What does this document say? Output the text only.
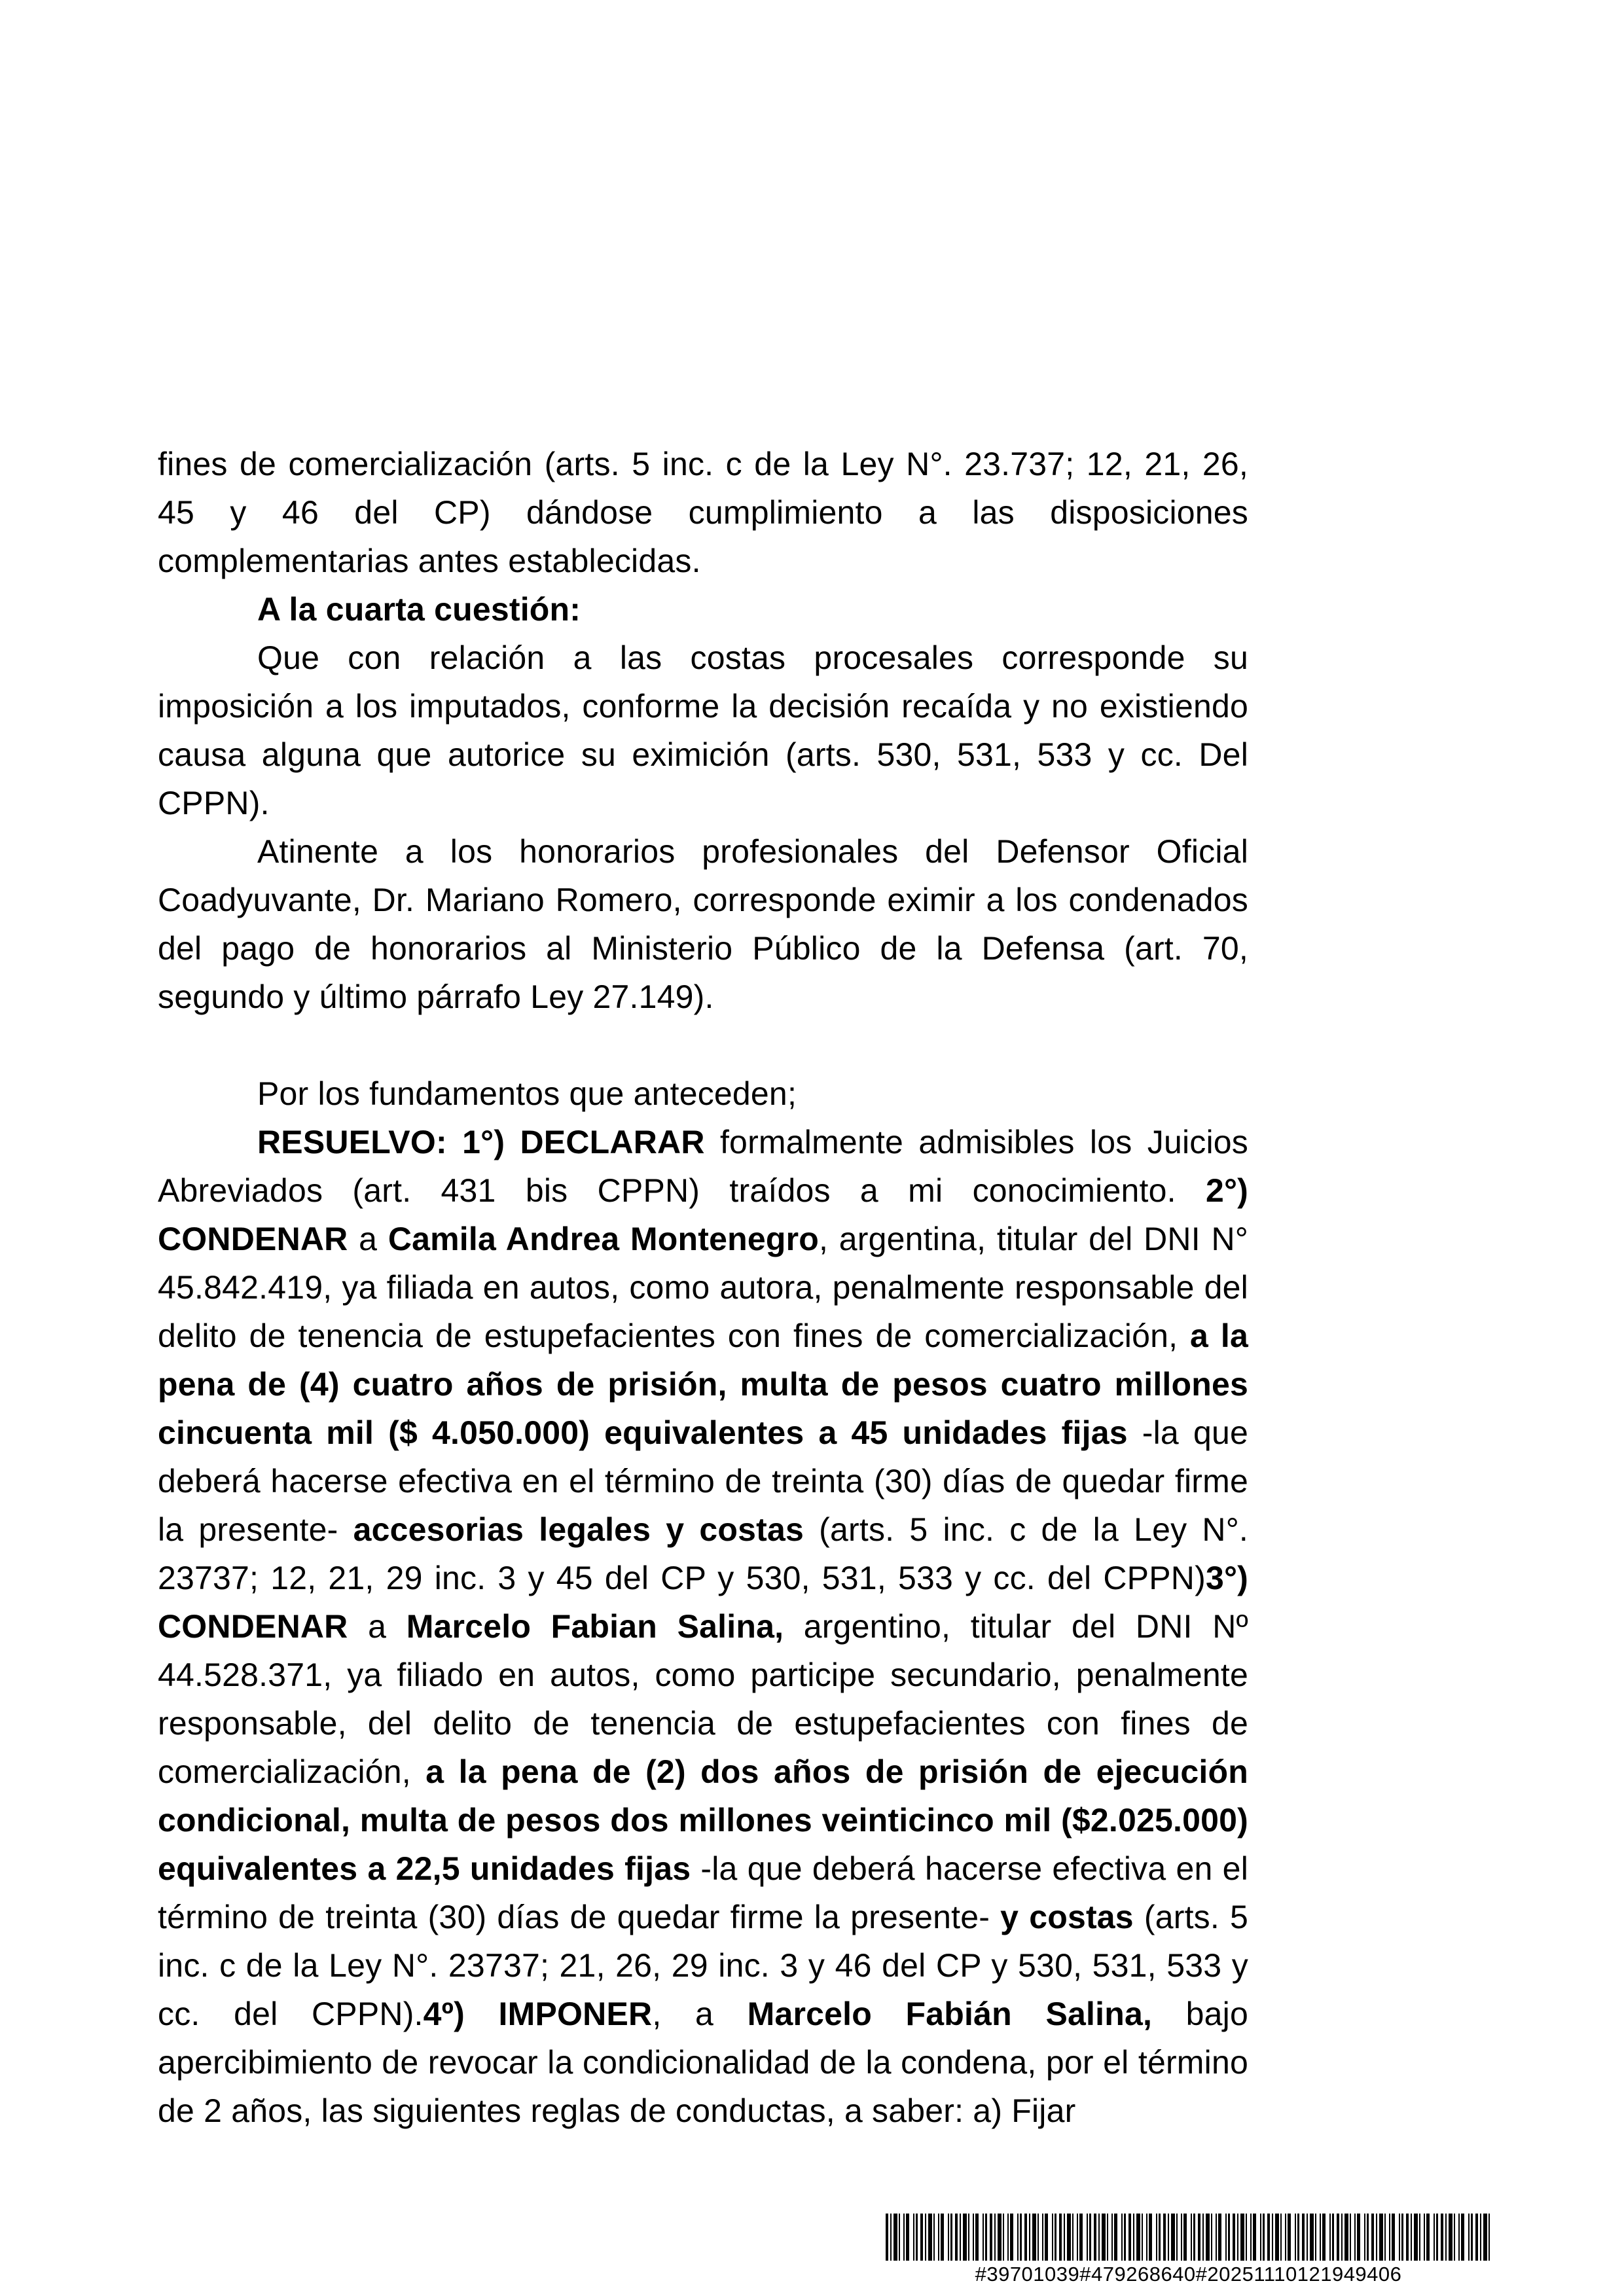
fines de comercialización (arts. 5 inc. c de la Ley N°. 23.737; 12, 21, 26, 45 y 46 del CP) dándose cumplimiento a las disposiciones complementarias antes establecidas.

A la cuarta cuestión:

Que con relación a las costas procesales corresponde su imposición a los imputados, conforme la decisión recaída y no existiendo causa alguna que autorice su eximición (arts. 530, 531, 533 y cc. Del CPPN).

Atinente a los honorarios profesionales del Defensor Oficial Coadyuvante, Dr. Mariano Romero, corresponde eximir a los condenados del pago de honorarios al Ministerio Público de la Defensa (art. 70, segundo y último párrafo Ley 27.149).

Por los fundamentos que anteceden;

RESUELVO: 1°) DECLARAR formalmente admisibles los Juicios Abreviados (art. 431 bis CPPN) traídos a mi conocimiento. 2°) CONDENAR a Camila Andrea Montenegro, argentina, titular del DNI N° 45.842.419, ya filiada en autos, como autora, penalmente responsable del delito de tenencia de estupefacientes con fines de comercialización, a la pena de (4) cuatro años de prisión, multa de pesos cuatro millones cincuenta mil ($ 4.050.000) equivalentes a 45 unidades fijas -la que deberá hacerse efectiva en el término de treinta (30) días de quedar firme la presente- accesorias legales y costas (arts. 5 inc. c de la Ley N°. 23737; 12, 21, 29 inc. 3 y 45 del CP y 530, 531, 533 y cc. del CPPN)3°) CONDENAR a Marcelo Fabian Salina, argentino, titular del DNI Nº 44.528.371, ya filiado en autos, como participe secundario, penalmente responsable, del delito de tenencia de estupefacientes con fines de comercialización, a la pena de (2) dos años de prisión de ejecución condicional, multa de pesos dos millones veinticinco mil ($2.025.000) equivalentes a 22,5 unidades fijas -la que deberá hacerse efectiva en el término de treinta (30) días de quedar firme la presente- y costas (arts. 5 inc. c de la Ley N°. 23737; 21, 26, 29 inc. 3 y 46 del CP y 530, 531, 533 y cc. del CPPN).4º) IMPONER, a Marcelo Fabián Salina, bajo apercibimiento de revocar la condicionalidad de la condena, por el término de 2 años, las siguientes reglas de conductas, a saber: a) Fijar

#39701039#479268640#20251110121949406
